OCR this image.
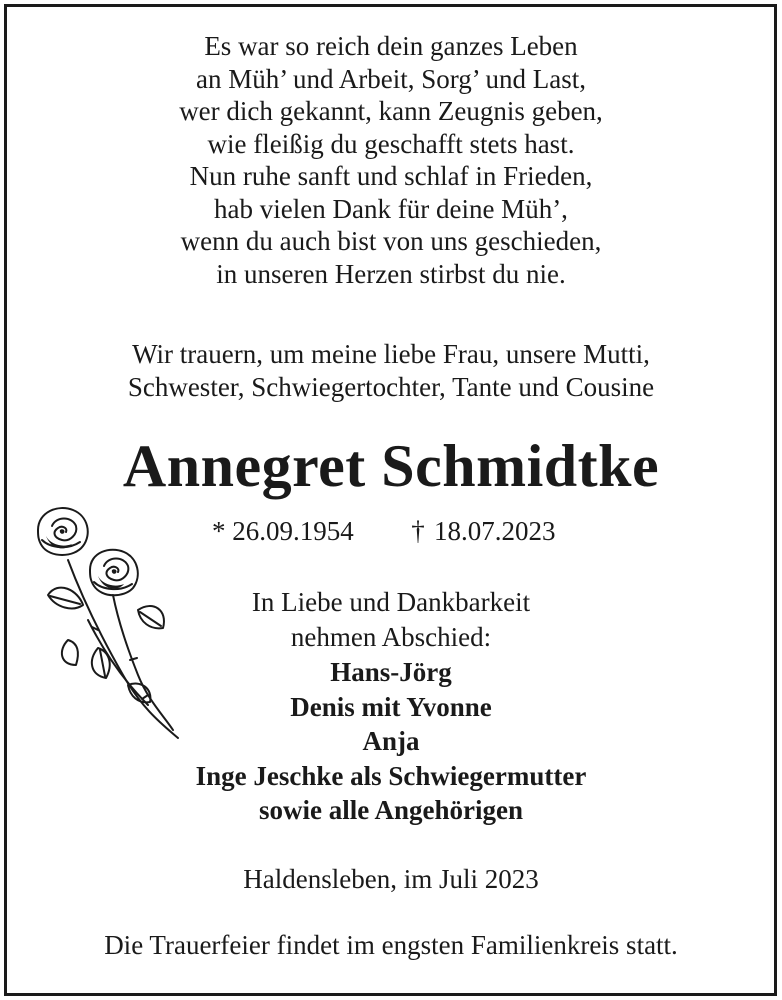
Es war so reich dein ganzes Leben
an Müh’ und Arbeit, Sorg’ und Last,
wer dich gekannt, kann Zeugnis geben,
wie fleißig du geschafft stets hast.
Nun ruhe sanft und schlaf in Frieden,
hab vielen Dank für deine Müh’,
wenn du auch bist von uns geschieden,
in unseren Herzen stirbst du nie.
Wir trauern, um meine liebe Frau, unsere Mutti,
Schwester, Schwiegertochter, Tante und Cousine
Annegret Schmidtke
* 26.09.1954 † 18.07.2023
In Liebe und Dankbarkeit
nehmen Abschied:
Hans-Jörg
Denis mit Yvonne
Anja
Inge Jeschke als Schwiegermutter
sowie alle Angehörigen
Haldensleben, im Juli 2023
Die Trauerfeier findet im engsten Familienkreis statt.
